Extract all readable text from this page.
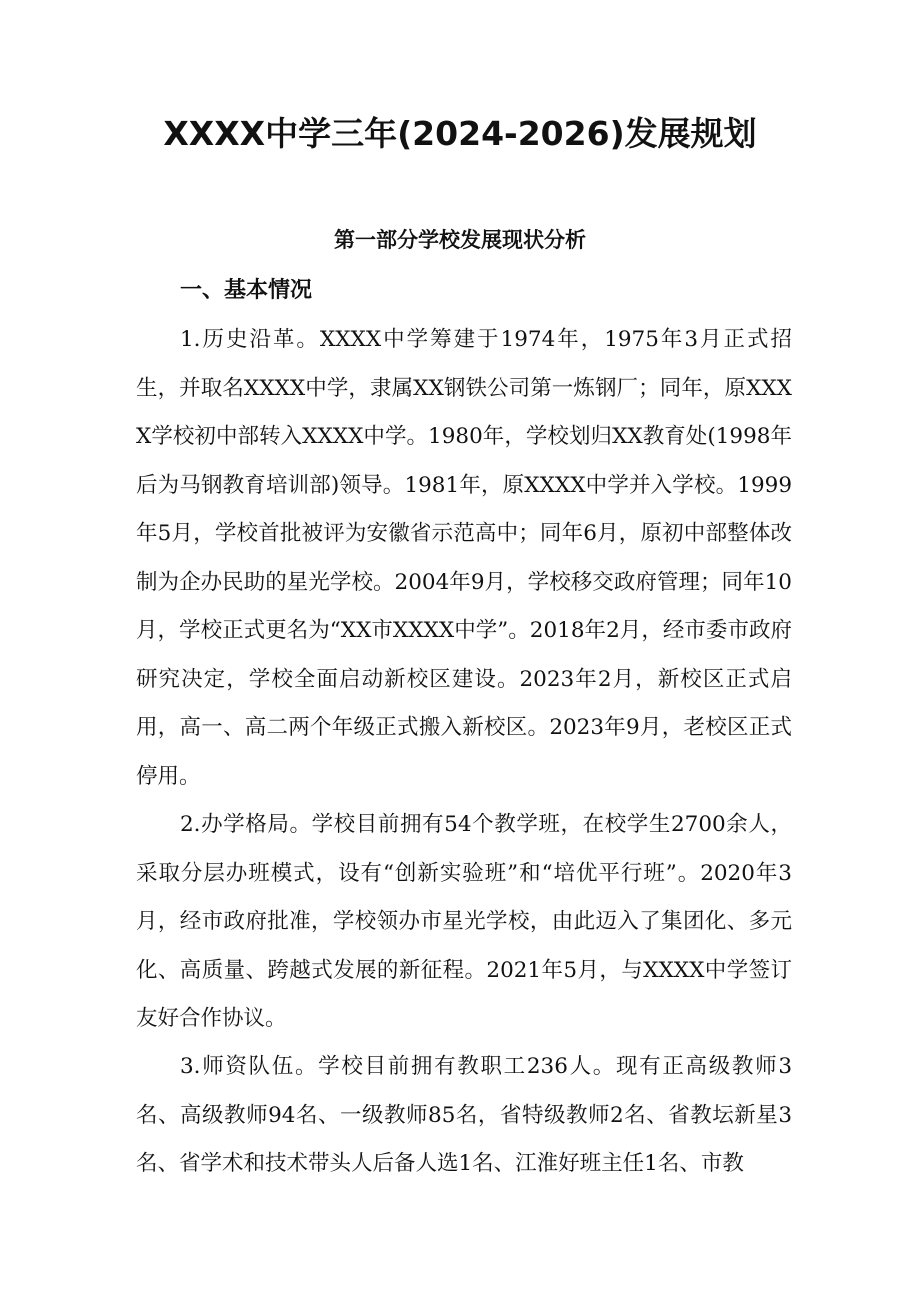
XXXX中学三年(2024-2026)发展规划
第一部分学校发展现状分析
一、基本情况

1.历史沿革。XXXX中学筹建于1974年，1975年3月正式招生，并取名XXXX中学，隶属XX钢铁公司第一炼钢厂；同年，原XXXX学校初中部转入XXXX中学。1980年，学校划归XX教育处(1998年后为马钢教育培训部)领导。1981年，原XXXX中学并入学校。1999年5月，学校首批被评为安徽省示范高中；同年6月，原初中部整体改制为企办民助的星光学校。2004年9月，学校移交政府管理；同年10月，学校正式更名为“XX市XXXX中学”。2018年2月，经市委市政府研究决定，学校全面启动新校区建设。2023年2月，新校区正式启用，高一、高二两个年级正式搬入新校区。2023年9月，老校区正式停用。

2.办学格局。学校目前拥有54个教学班，在校学生2700余人，采取分层办班模式，设有“创新实验班”和“培优平行班”。2020年3月，经市政府批准，学校领办市星光学校，由此迈入了集团化、多元化、高质量、跨越式发展的新征程。2021年5月，与XXXX中学签订友好合作协议。

3.师资队伍。学校目前拥有教职工236人。现有正高级教师3名、高级教师94名、一级教师85名，省特级教师2名、省教坛新星3名、省学术和技术带头人后备人选1名、江淮好班主任1名、市教
